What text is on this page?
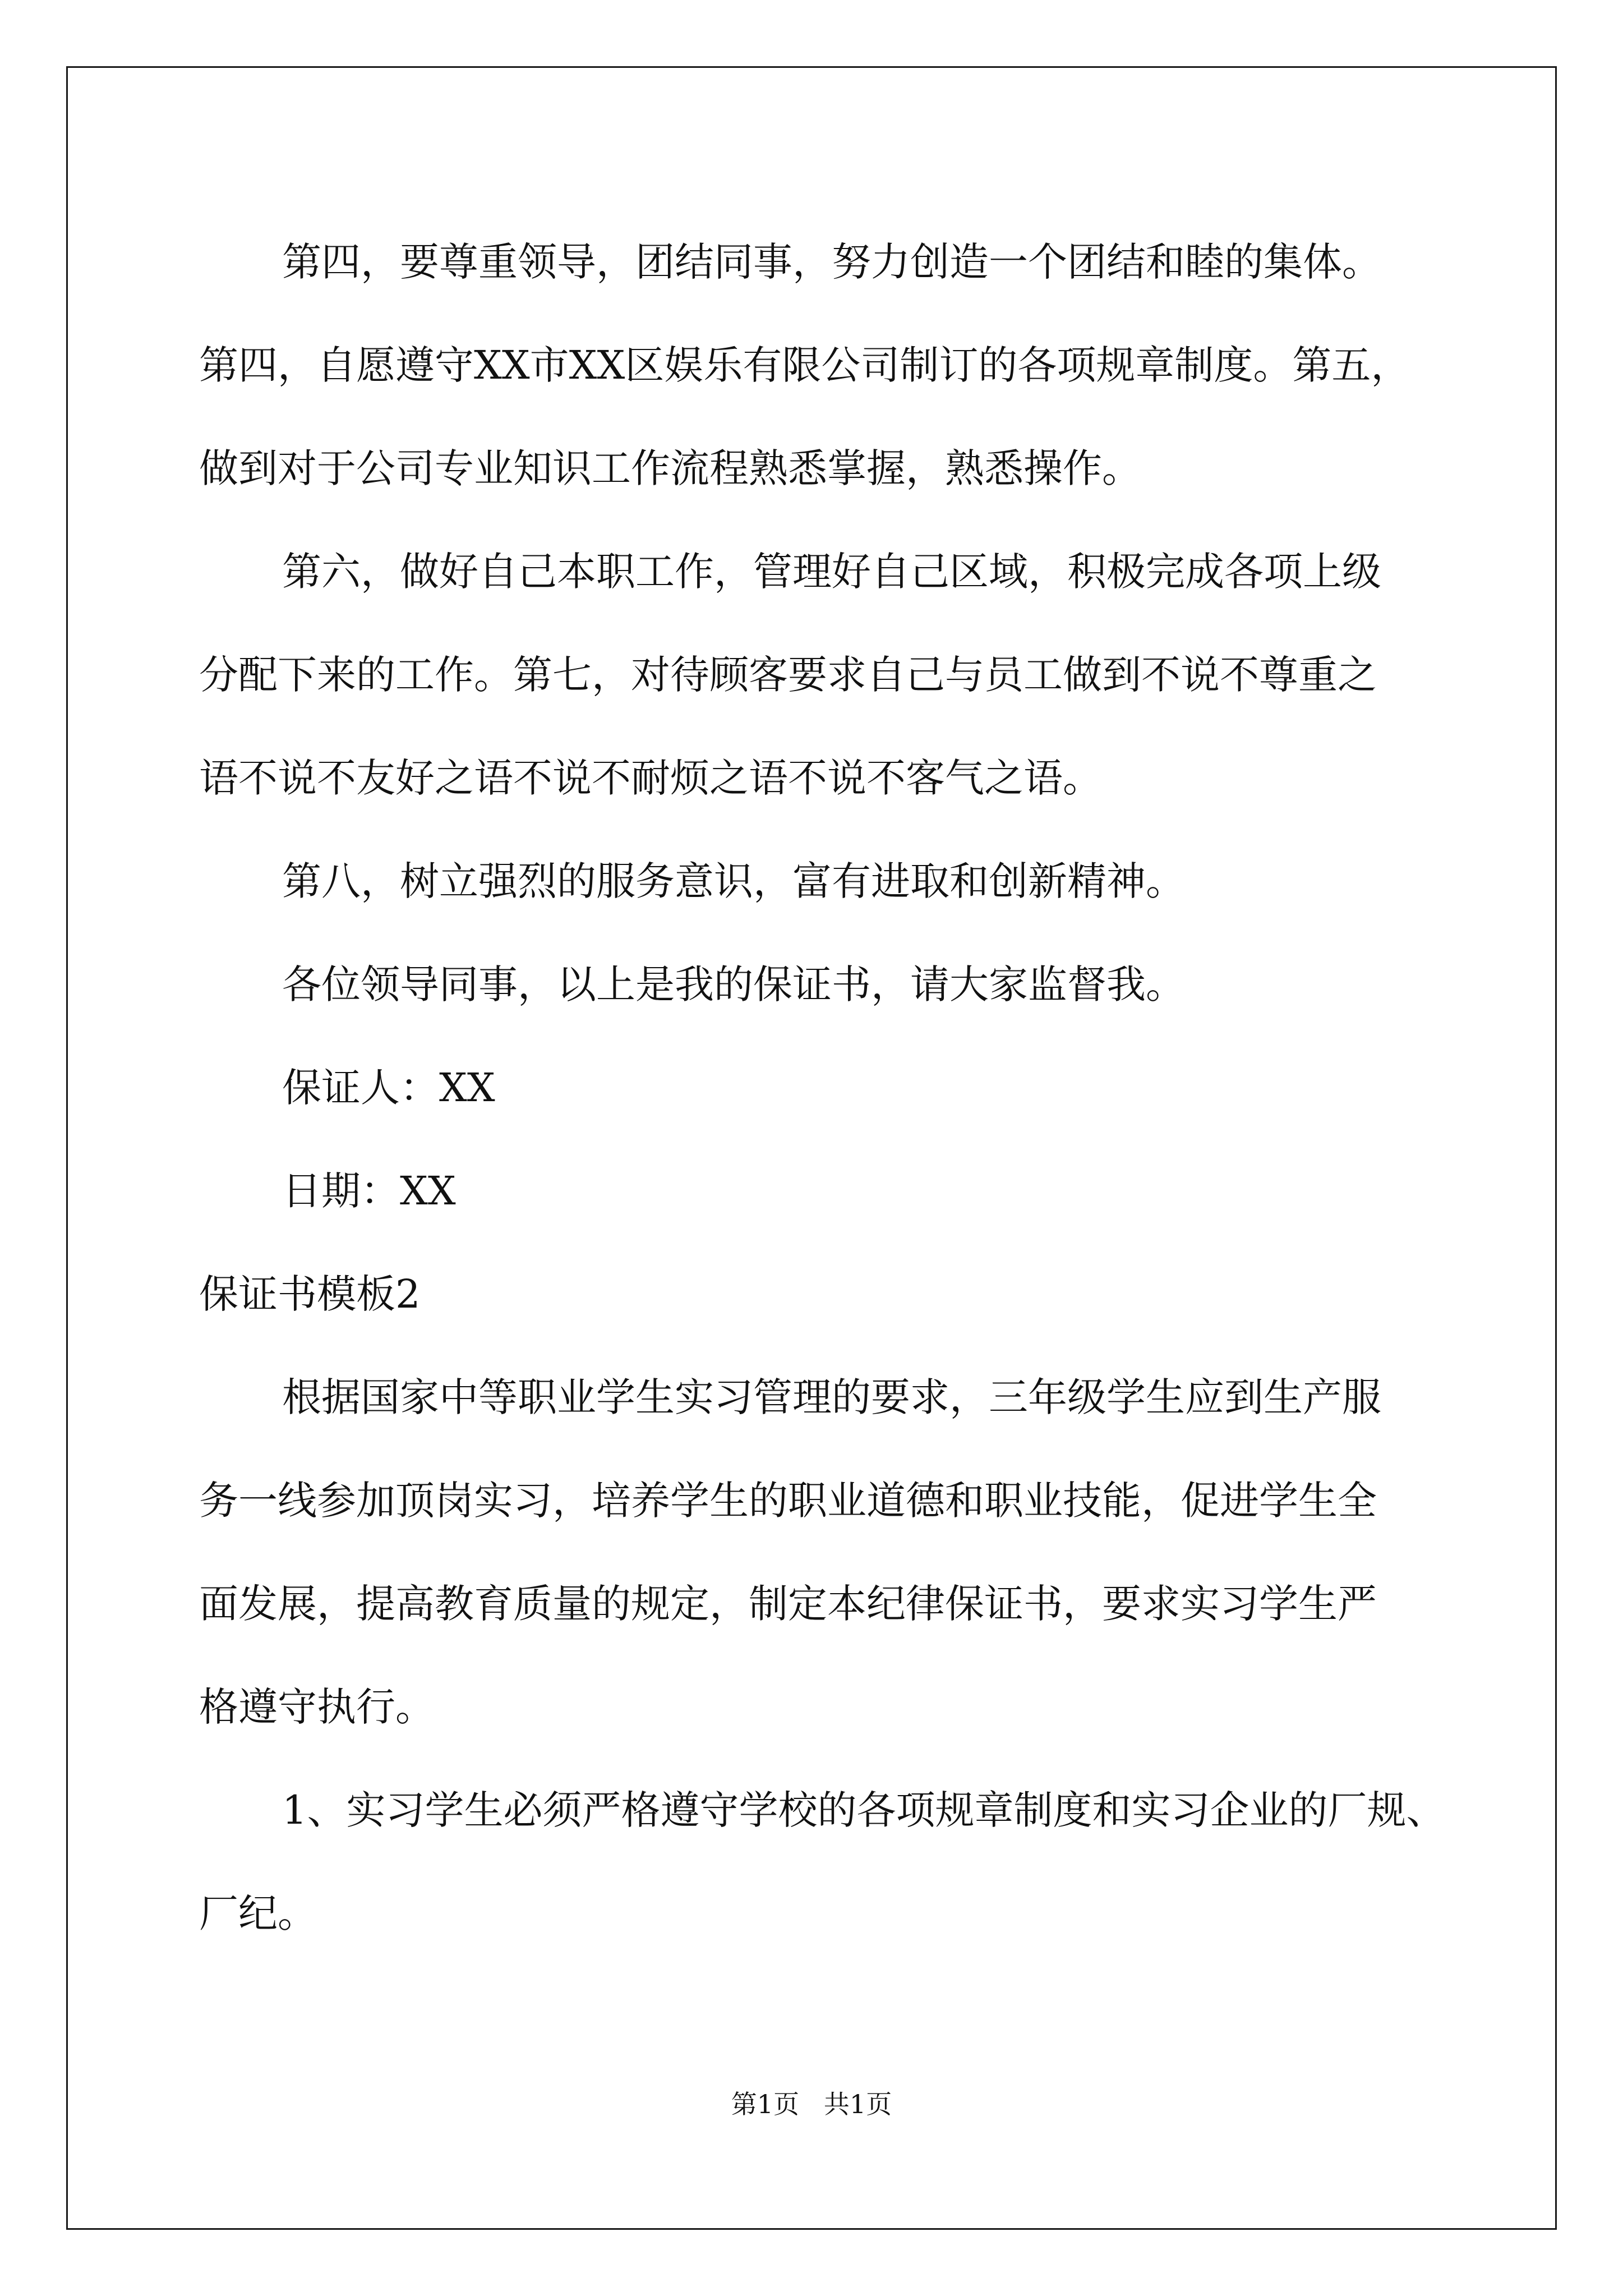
第四，要尊重领导，团结同事，努力创造一个团结和睦的集体。

第四，自愿遵守XX市XX区娱乐有限公司制订的各项规章制度。第五，

做到对于公司专业知识工作流程熟悉掌握，熟悉操作。

第六，做好自己本职工作，管理好自己区域，积极完成各项上级

分配下来的工作。第七，对待顾客要求自己与员工做到不说不尊重之

语不说不友好之语不说不耐烦之语不说不客气之语。

第八，树立强烈的服务意识，富有进取和创新精神。

各位领导同事，以上是我的保证书，请大家监督我。

保证人：XX

日期：XX

保证书模板2

根据国家中等职业学生实习管理的要求，三年级学生应到生产服

务一线参加顶岗实习，培养学生的职业道德和职业技能，促进学生全

面发展，提高教育质量的规定，制定本纪律保证书，要求实习学生严

格遵守执行。

1、实习学生必须严格遵守学校的各项规章制度和实习企业的厂规、

厂纪。

第1页   共1页
